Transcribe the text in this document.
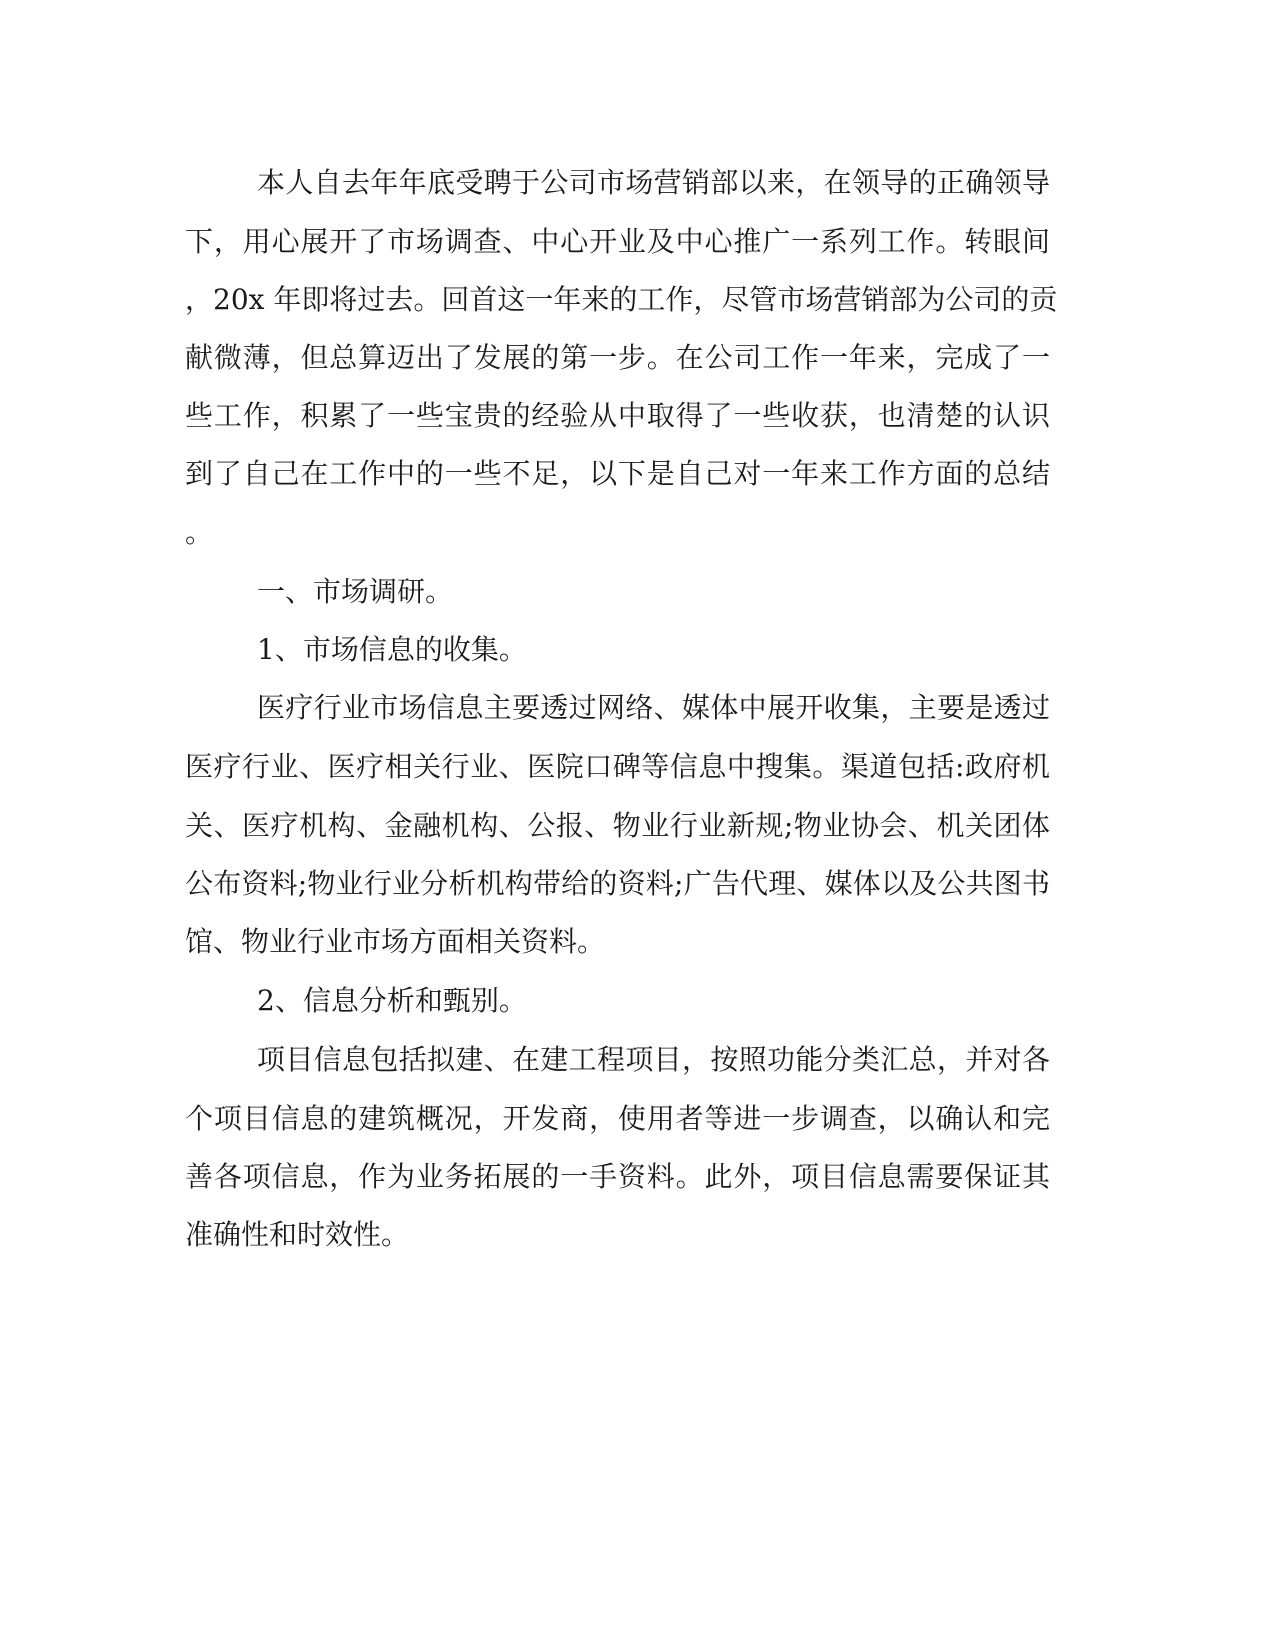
本人自去年年底受聘于公司市场营销部以来，在领导的正确领导
下，用心展开了市场调查、中心开业及中心推广一系列工作。转眼间
，20x 年即将过去。回首这一年来的工作，尽管市场营销部为公司的贡
献微薄，但总算迈出了发展的第一步。在公司工作一年来，完成了一
些工作，积累了一些宝贵的经验从中取得了一些收获，也清楚的认识
到了自己在工作中的一些不足，以下是自己对一年来工作方面的总结
。
一、市场调研。
1、市场信息的收集。
医疗行业市场信息主要透过网络、媒体中展开收集，主要是透过
医疗行业、医疗相关行业、医院口碑等信息中搜集。渠道包括:政府机
关、医疗机构、金融机构、公报、物业行业新规;物业协会、机关团体
公布资料;物业行业分析机构带给的资料;广告代理、媒体以及公共图书
馆、物业行业市场方面相关资料。
2、信息分析和甄别。
项目信息包括拟建、在建工程项目，按照功能分类汇总，并对各
个项目信息的建筑概况，开发商，使用者等进一步调查，以确认和完
善各项信息，作为业务拓展的一手资料。此外，项目信息需要保证其
准确性和时效性。
